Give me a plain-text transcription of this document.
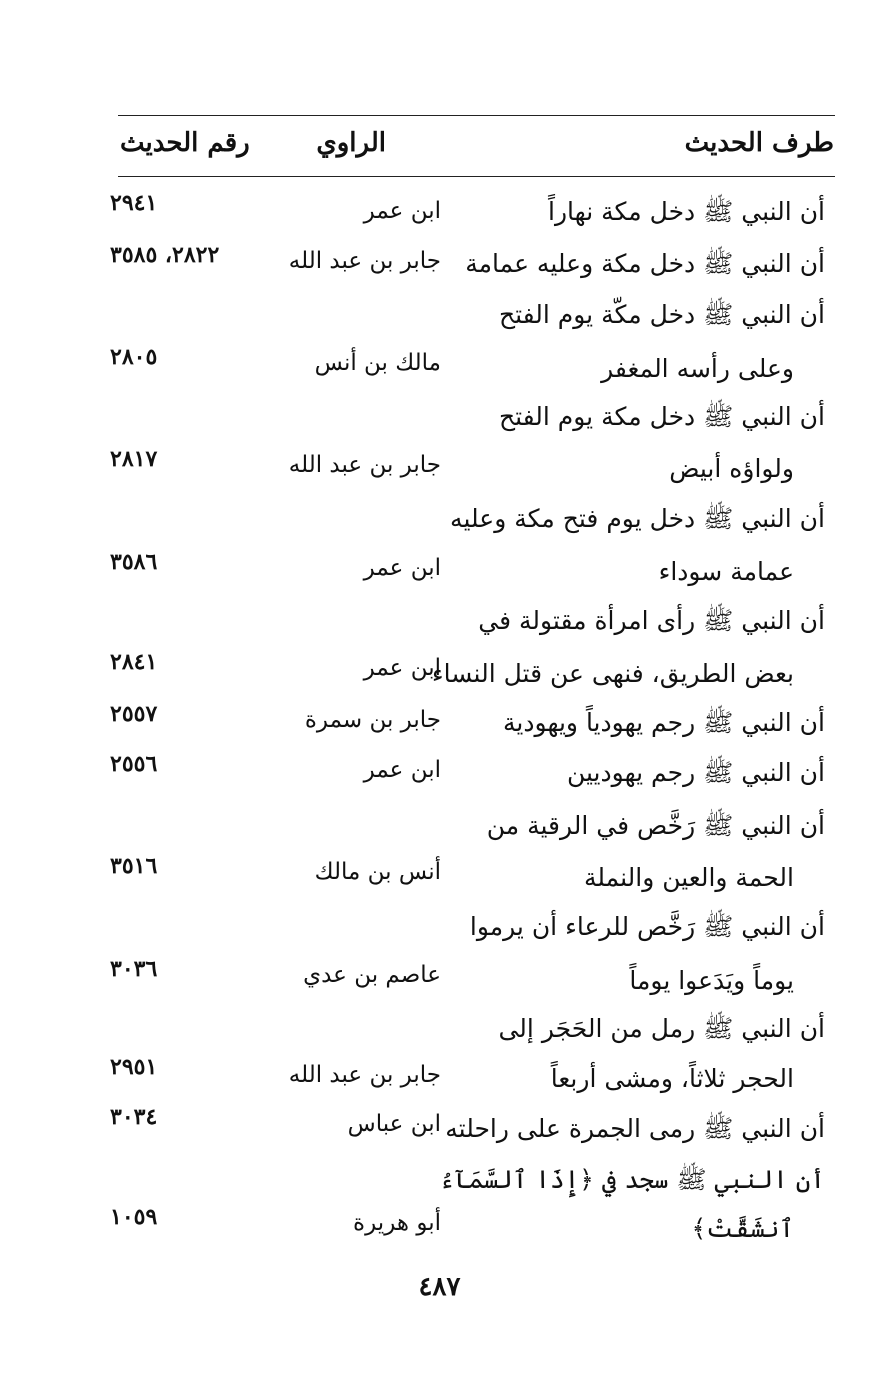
طرف الحديث
الراوي
رقم الحديث
أن النبي ﷺ دخل مكة نهاراً
ابن عمر
٢٩٤١
أن النبي ﷺ دخل مكة وعليه عمامة
جابر بن عبد الله
٢٨٢٢، ٣٥٨٥
أن النبي ﷺ دخل مكّة يوم الفتح
وعلى رأسه المغفر
مالك بن أنس
٢٨٠٥
أن النبي ﷺ دخل مكة يوم الفتح
ولواؤه أبيض
جابر بن عبد الله
٢٨١٧
أن النبي ﷺ دخل يوم فتح مكة وعليه
عمامة سوداء
ابن عمر
٣٥٨٦
أن النبي ﷺ رأى امرأة مقتولة في
بعض الطريق، فنهى عن قتل النساء
ابن عمر
٢٨٤١
أن النبي ﷺ رجم يهودياً ويهودية
جابر بن سمرة
٢٥٥٧
أن النبي ﷺ رجم يهوديين
ابن عمر
٢٥٥٦
أن النبي ﷺ رَخَّص في الرقية من
الحمة والعين والنملة
أنس بن مالك
٣٥١٦
أن النبي ﷺ رَخَّص للرعاء أن يرموا
يوماً ويَدَعوا يوماً
عاصم بن عدي
٣٠٣٦
أن النبي ﷺ رمل من الحَجَر إلى
الحجر ثلاثاً، ومشى أربعاً
جابر بن عبد الله
٢٩٥١
أن النبي ﷺ رمى الجمرة على راحلته
ابن عباس
٣٠٣٤
أن النبي ﷺ سجد في ﴿إِذَا ٱلسَّمَآءُ
ٱنشَقَّتْ﴾
أبو هريرة
١٠٥٩
٤٨٧
